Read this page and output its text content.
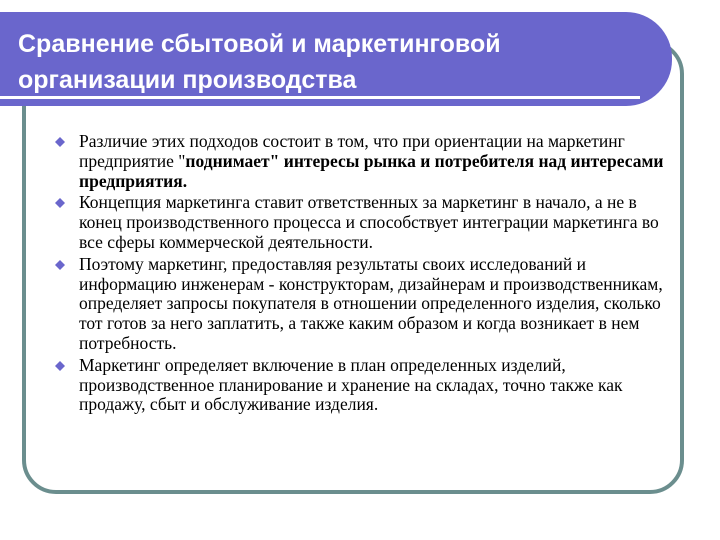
Сравнение сбытовой и маркетинговой
организации производства
Различие этих подходов состоит в том, что при ориентации на маркетинг предприятие "поднимает" интересы рынка и потребителя над интересами предприятия.
Концепция маркетинга ставит ответственных за маркетинг в начало, а не в конец производственного процесса и способствует интеграции маркетинга во все сферы коммерческой деятельности.
Поэтому маркетинг, предоставляя результаты своих исследований и информацию инженерам - конструкторам, дизайнерам и производственникам, определяет запросы покупателя в отношении определенного изделия, сколько тот готов за него заплатить, а также каким образом и когда возникает в нем потребность.
Маркетинг определяет включение в план определенных изделий, производственное планирование и хранение на складах, точно также как продажу, сбыт и обслуживание изделия.
